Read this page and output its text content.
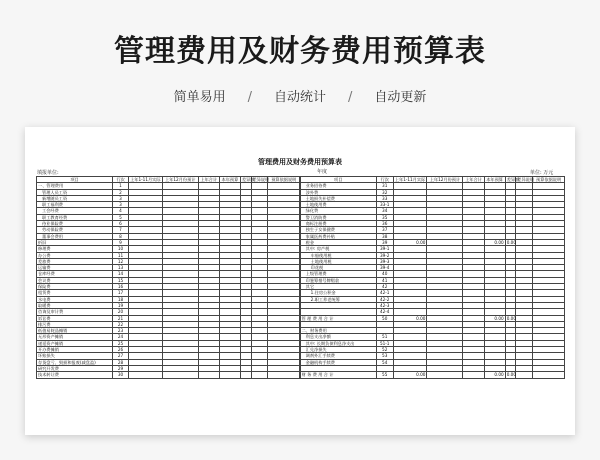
管理费用及财务费用预算表
简单易用 / 自动统计 / 自动更新
管理费用及财务费用预算表
填报单位:	年度	单位: 万元
项目	行次	上年1-11月实际	上年12月份预计	上年合计	本年预算	差异额	差异说明	预算依据说明		项目	行次	上年1-11月实际	上年12月份预计	上年合计	本年预算	差异额	差异说明	预算依据说明
一、管理费用	1									业务招待费	31							
管理人员工资	2									涉外费	32							
新增随员工资	3									土地损失补偿费	33							
职工福利费	3									土地使用费	33-1							
工会经费	4									绿化费	34							
职工教育经费	5									警卫消防费	35							
待业保险费	6									商标注册费	36							
劳动保险费	7									独生子女保健费	37							
董事会费用	8									家属医药费补贴	38							
折旧	9									税金	39	0.00			0.00	0.00		
修理费	10									其中: 房产税	39-1							
办公费	11									车船使用税	39-2							
差旅费	12									土地使用税	39-3							
运输费	13									印花税	39-4							
仓库经费	14									上级管理费	40							
会议费	15									印鉴筹措号牌赔款	41							
保险费	16									其它	42							
租赁费	17									1.住房公积金	42-1							
水电费	18									2.职工养老统筹	42-2							
取暖费	19										42-3							
咨询及审计费	20										42-4							
诉讼费	21									管 理 费 用 合 计	50	0.00			0.00	0.00		
排污费	22																	
低值易耗品摊销	23									二、财务费用								
无形资产摊销	24									利息支出净额	51							
递延资产摊销	25									其中: 长期负债利息净支出	51-1							
开办费摊销	26									汇兑净损失	52							
坏账损失	27									调剂外汇手续费	53							
存货盘亏、毁损和报废(减盘盈)	28									金融机构手续费	54							
研究开发费	29																	
技术转让费	30									财 务 费 用 合 计	55	0.00			0.00	0.00		
